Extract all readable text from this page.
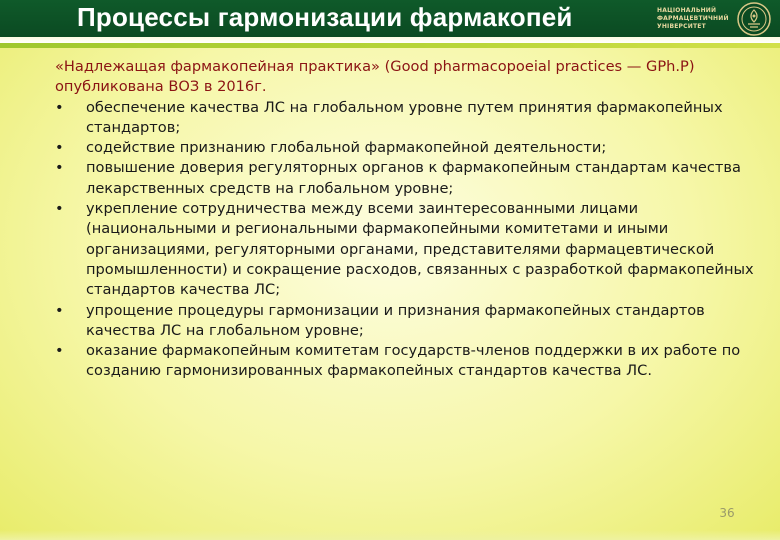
Процессы гармонизации фармакопей	НАЦІОНАЛЬНИЙ
ФАРМАЦЕВТИЧНИЙ
УНІВЕРСИТЕТ
«Надлежащая фармакопейная практика» (Good pharmacopoeial practices — GPh.P) опубликована ВОЗ в 2016г.
• обеспечение качества ЛС на глобальном уровне путем принятия фармакопейных стандартов;
• содействие признанию глобальной фармакопейной деятельности;
• повышение доверия регуляторных органов к фармакопейным стандартам качества лекарственных средств на глобальном уровне;
• укрепление сотрудничества между всеми заинтересованными лицами (национальными и региональными фармакопейными комитетами и иными организациями, регуляторными органами, представителями фармацевтической промышленности) и сокращение расходов, связанных с разработкой фармакопейных стандартов качества ЛС;
• упрощение процедуры гармонизации и признания фармакопейных стандартов качества ЛС на глобальном уровне;
• оказание фармакопейным комитетам государств-членов поддержки в их работе по созданию гармонизированных фармакопейных стандартов качества ЛС.
36
